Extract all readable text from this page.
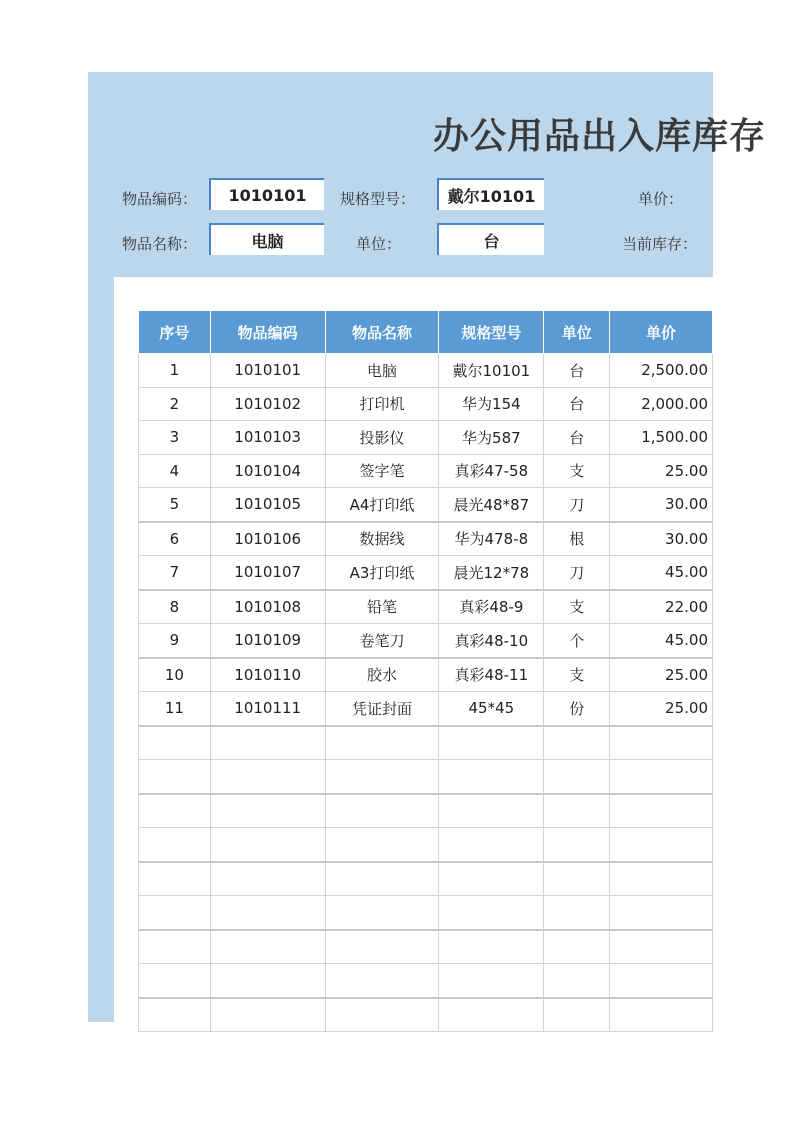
办公用品出入库库存
物品编码：	1010101	规格型号：	戴尔10101	单价：
物品名称：	电脑	单位：	台	当前库存：
序号	物品编码	物品名称	规格型号	单位	单价
1	1010101	电脑	戴尔10101	台	2,500.00
2	1010102	打印机	华为154	台	2,000.00
3	1010103	投影仪	华为587	台	1,500.00
4	1010104	签字笔	真彩47-58	支	25.00
5	1010105	A4打印纸	晨光48*87	刀	30.00
6	1010106	数据线	华为478-8	根	30.00
7	1010107	A3打印纸	晨光12*78	刀	45.00
8	1010108	铅笔	真彩48-9	支	22.00
9	1010109	卷笔刀	真彩48-10	个	45.00
10	1010110	胶水	真彩48-11	支	25.00
11	1010111	凭证封面	45*45	份	25.00
